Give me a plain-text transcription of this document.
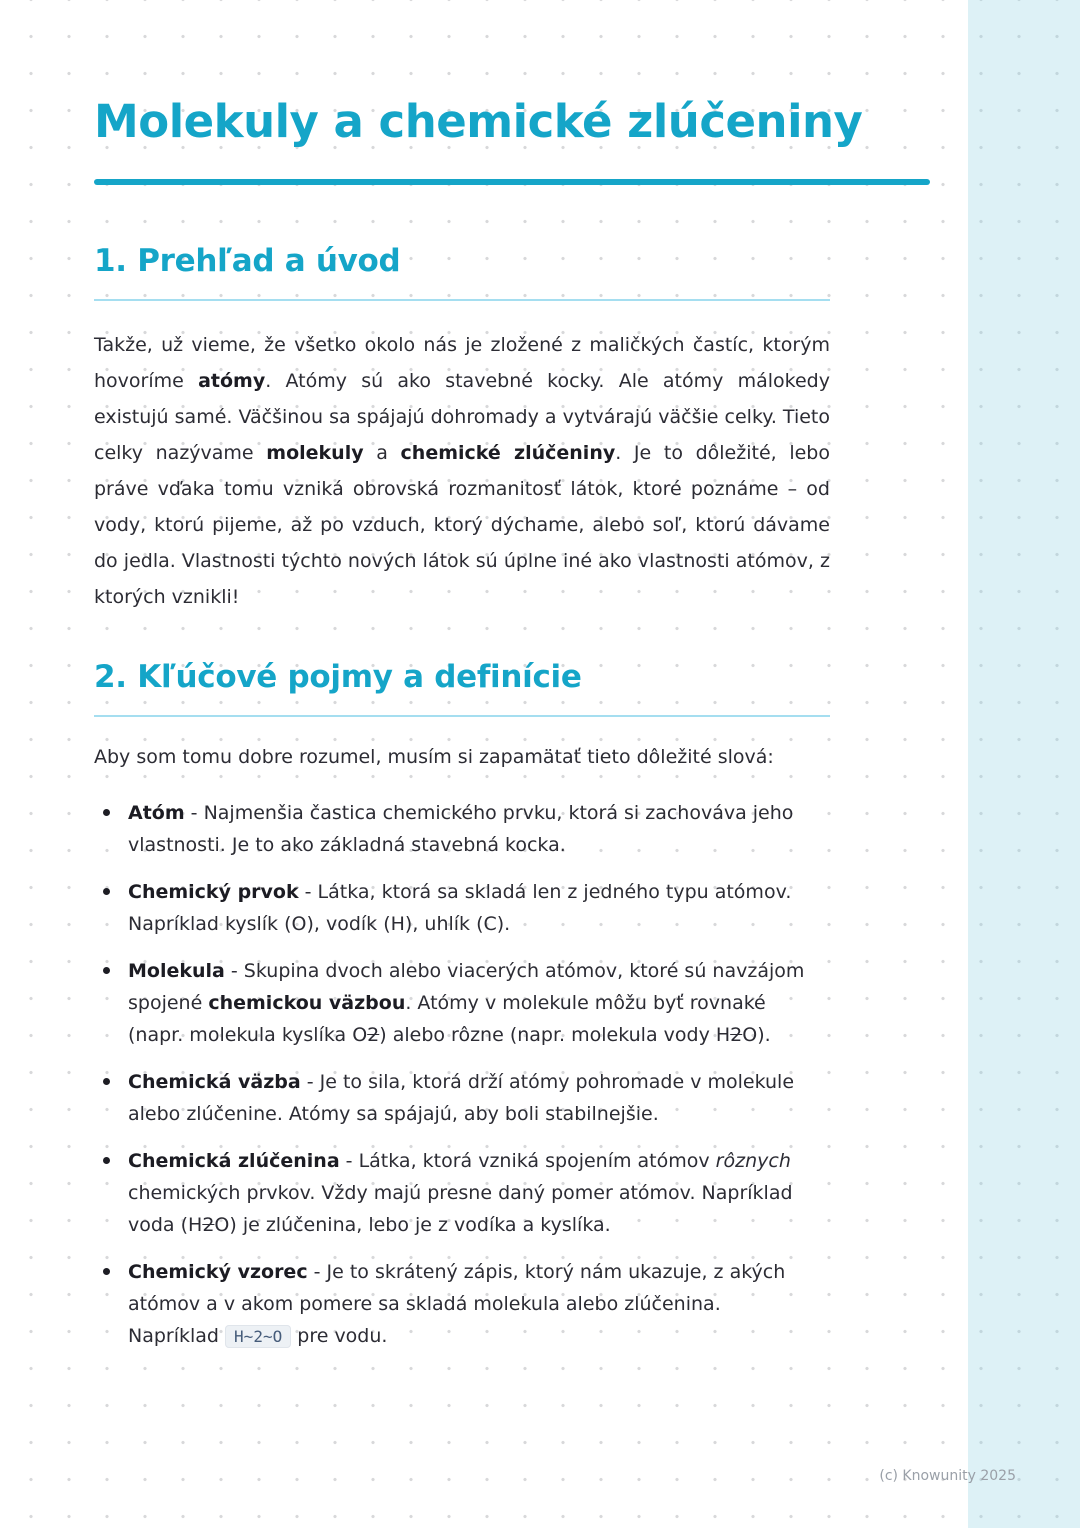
Molekuly a chemické zlúčeniny
1. Prehľad a úvod

Takže, už vieme, že všetko okolo nás je zložené z maličkých častíc, ktorým hovoríme atómy. Atómy sú ako stavebné kocky. Ale atómy málokedy existujú samé. Väčšinou sa spájajú dohromady a vytvárajú väčšie celky. Tieto celky nazývame molekuly a chemické zlúčeniny. Je to dôležité, lebo práve vďaka tomu vzniká obrovská rozmanitosť látok, ktoré poznáme – od vody, ktorú pijeme, až po vzduch, ktorý dýchame, alebo soľ, ktorú dávame do jedla. Vlastnosti týchto nových látok sú úplne iné ako vlastnosti atómov, z ktorých vznikli!

2. Kľúčové pojmy a definície

Aby som tomu dobre rozumel, musím si zapamätať tieto dôležité slová:

Atóm - Najmenšia častica chemického prvku, ktorá si zachováva jeho vlastnosti. Je to ako základná stavebná kocka.
Chemický prvok - Látka, ktorá sa skladá len z jedného typu atómov. Napríklad kyslík (O), vodík (H), uhlík (C).
Molekula - Skupina dvoch alebo viacerých atómov, ktoré sú navzájom spojené chemickou väzbou. Atómy v molekule môžu byť rovnaké (napr. molekula kyslíka O2) alebo rôzne (napr. molekula vody H2O).
Chemická väzba - Je to sila, ktorá drží atómy pohromade v molekule alebo zlúčenine. Atómy sa spájajú, aby boli stabilnejšie.
Chemická zlúčenina - Látka, ktorá vzniká spojením atómov rôznych chemických prvkov. Vždy majú presne daný pomer atómov. Napríklad voda (H2O) je zlúčenina, lebo je z vodíka a kyslíka.
Chemický vzorec - Je to skrátený zápis, ktorý nám ukazuje, z akých atómov a v akom pomere sa skladá molekula alebo zlúčenina. Napríklad H~2~O pre vodu.
(c) Knowunity 2025
